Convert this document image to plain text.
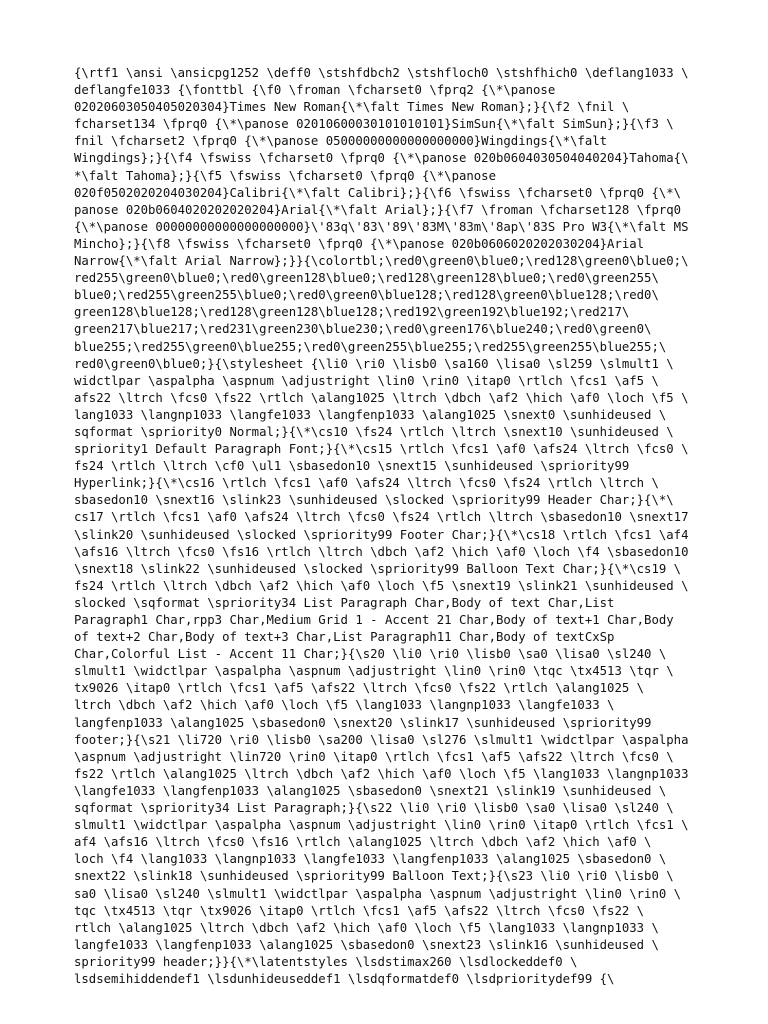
{\rtf1 \ansi \ansicpg1252 \deff0 \stshfdbch2 \stshfloch0 \stshfhich0 \deflang1033 \
deflangfe1033 {\fonttbl {\f0 \froman \fcharset0 \fprq2 {\*\panose
02020603050405020304}Times New Roman{\*\falt Times New Roman};}{\f2 \fnil \
fcharset134 \fprq0 {\*\panose 02010600030101010101}SimSun{\*\falt SimSun};}{\f3 \
fnil \fcharset2 \fprq0 {\*\panose 05000000000000000000}Wingdings{\*\falt
Wingdings};}{\f4 \fswiss \fcharset0 \fprq0 {\*\panose 020b0604030504040204}Tahoma{\
*\falt Tahoma};}{\f5 \fswiss \fcharset0 \fprq0 {\*\panose
020f0502020204030204}Calibri{\*\falt Calibri};}{\f6 \fswiss \fcharset0 \fprq0 {\*\
panose 020b0604020202020204}Arial{\*\falt Arial};}{\f7 \froman \fcharset128 \fprq0
{\*\panose 00000000000000000000}\'83q\'83\'89\'83M\'83m\'8ap\'83S Pro W3{\*\falt MS
Mincho};}{\f8 \fswiss \fcharset0 \fprq0 {\*\panose 020b0606020202030204}Arial
Narrow{\*\falt Arial Narrow};}}{\colortbl;\red0\green0\blue0;\red128\green0\blue0;\
red255\green0\blue0;\red0\green128\blue0;\red128\green128\blue0;\red0\green255\
blue0;\red255\green255\blue0;\red0\green0\blue128;\red128\green0\blue128;\red0\
green128\blue128;\red128\green128\blue128;\red192\green192\blue192;\red217\
green217\blue217;\red231\green230\blue230;\red0\green176\blue240;\red0\green0\
blue255;\red255\green0\blue255;\red0\green255\blue255;\red255\green255\blue255;\
red0\green0\blue0;}{\stylesheet {\li0 \ri0 \lisb0 \sa160 \lisa0 \sl259 \slmult1 \
widctlpar \aspalpha \aspnum \adjustright \lin0 \rin0 \itap0 \rtlch \fcs1 \af5 \
afs22 \ltrch \fcs0 \fs22 \rtlch \alang1025 \ltrch \dbch \af2 \hich \af0 \loch \f5 \
lang1033 \langnp1033 \langfe1033 \langfenp1033 \alang1025 \snext0 \sunhideused \
sqformat \spriority0 Normal;}{\*\cs10 \fs24 \rtlch \ltrch \snext10 \sunhideused \
spriority1 Default Paragraph Font;}{\*\cs15 \rtlch \fcs1 \af0 \afs24 \ltrch \fcs0 \
fs24 \rtlch \ltrch \cf0 \ul1 \sbasedon10 \snext15 \sunhideused \spriority99
Hyperlink;}{\*\cs16 \rtlch \fcs1 \af0 \afs24 \ltrch \fcs0 \fs24 \rtlch \ltrch \
sbasedon10 \snext16 \slink23 \sunhideused \slocked \spriority99 Header Char;}{\*\
cs17 \rtlch \fcs1 \af0 \afs24 \ltrch \fcs0 \fs24 \rtlch \ltrch \sbasedon10 \snext17
\slink20 \sunhideused \slocked \spriority99 Footer Char;}{\*\cs18 \rtlch \fcs1 \af4
\afs16 \ltrch \fcs0 \fs16 \rtlch \ltrch \dbch \af2 \hich \af0 \loch \f4 \sbasedon10
\snext18 \slink22 \sunhideused \slocked \spriority99 Balloon Text Char;}{\*\cs19 \
fs24 \rtlch \ltrch \dbch \af2 \hich \af0 \loch \f5 \snext19 \slink21 \sunhideused \
slocked \sqformat \spriority34 List Paragraph Char,Body of text Char,List
Paragraph1 Char,rpp3 Char,Medium Grid 1 - Accent 21 Char,Body of text+1 Char,Body
of text+2 Char,Body of text+3 Char,List Paragraph11 Char,Body of textCxSp
Char,Colorful List - Accent 11 Char;}{\s20 \li0 \ri0 \lisb0 \sa0 \lisa0 \sl240 \
slmult1 \widctlpar \aspalpha \aspnum \adjustright \lin0 \rin0 \tqc \tx4513 \tqr \
tx9026 \itap0 \rtlch \fcs1 \af5 \afs22 \ltrch \fcs0 \fs22 \rtlch \alang1025 \
ltrch \dbch \af2 \hich \af0 \loch \f5 \lang1033 \langnp1033 \langfe1033 \
langfenp1033 \alang1025 \sbasedon0 \snext20 \slink17 \sunhideused \spriority99
footer;}{\s21 \li720 \ri0 \lisb0 \sa200 \lisa0 \sl276 \slmult1 \widctlpar \aspalpha
\aspnum \adjustright \lin720 \rin0 \itap0 \rtlch \fcs1 \af5 \afs22 \ltrch \fcs0 \
fs22 \rtlch \alang1025 \ltrch \dbch \af2 \hich \af0 \loch \f5 \lang1033 \langnp1033
\langfe1033 \langfenp1033 \alang1025 \sbasedon0 \snext21 \slink19 \sunhideused \
sqformat \spriority34 List Paragraph;}{\s22 \li0 \ri0 \lisb0 \sa0 \lisa0 \sl240 \
slmult1 \widctlpar \aspalpha \aspnum \adjustright \lin0 \rin0 \itap0 \rtlch \fcs1 \
af4 \afs16 \ltrch \fcs0 \fs16 \rtlch \alang1025 \ltrch \dbch \af2 \hich \af0 \
loch \f4 \lang1033 \langnp1033 \langfe1033 \langfenp1033 \alang1025 \sbasedon0 \
snext22 \slink18 \sunhideused \spriority99 Balloon Text;}{\s23 \li0 \ri0 \lisb0 \
sa0 \lisa0 \sl240 \slmult1 \widctlpar \aspalpha \aspnum \adjustright \lin0 \rin0 \
tqc \tx4513 \tqr \tx9026 \itap0 \rtlch \fcs1 \af5 \afs22 \ltrch \fcs0 \fs22 \
rtlch \alang1025 \ltrch \dbch \af2 \hich \af0 \loch \f5 \lang1033 \langnp1033 \
langfe1033 \langfenp1033 \alang1025 \sbasedon0 \snext23 \slink16 \sunhideused \
spriority99 header;}}{\*\latentstyles \lsdstimax260 \lsdlockeddef0 \
lsdsemihiddendef1 \lsdunhideuseddef1 \lsdqformatdef0 \lsdprioritydef99 {\
